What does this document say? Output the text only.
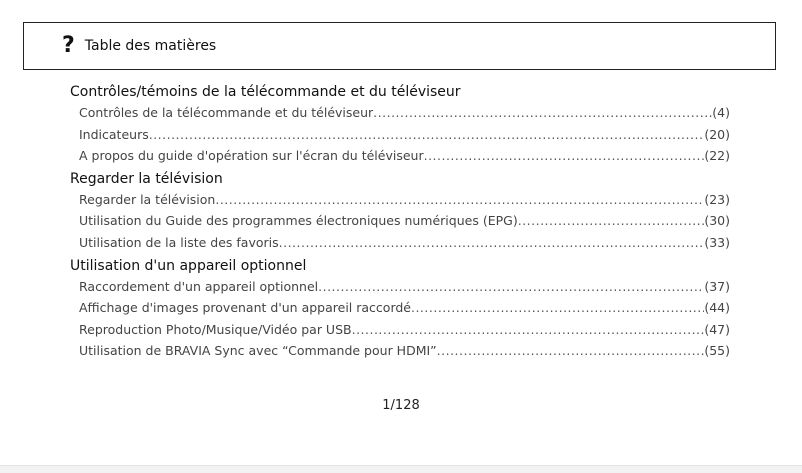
? Table des matières
Contrôles/témoins de la télécommande et du téléviseur
Contrôles de la télécommande et du téléviseur .....	(4)
Indicateurs .....	(20)
A propos du guide d'opération sur l'écran du téléviseur .....	(22)
Regarder la télévision
Regarder la télévision .....	(23)
Utilisation du Guide des programmes électroniques numériques (EPG) .....	(30)
Utilisation de la liste des favoris .....	(33)
Utilisation d'un appareil optionnel
Raccordement d'un appareil optionnel .....	(37)
Affichage d'images provenant d'un appareil raccordé .....	(44)
Reproduction Photo/Musique/Vidéo par USB .....	(47)
Utilisation de BRAVIA Sync avec “Commande pour HDMI” .....	(55)
1/128
